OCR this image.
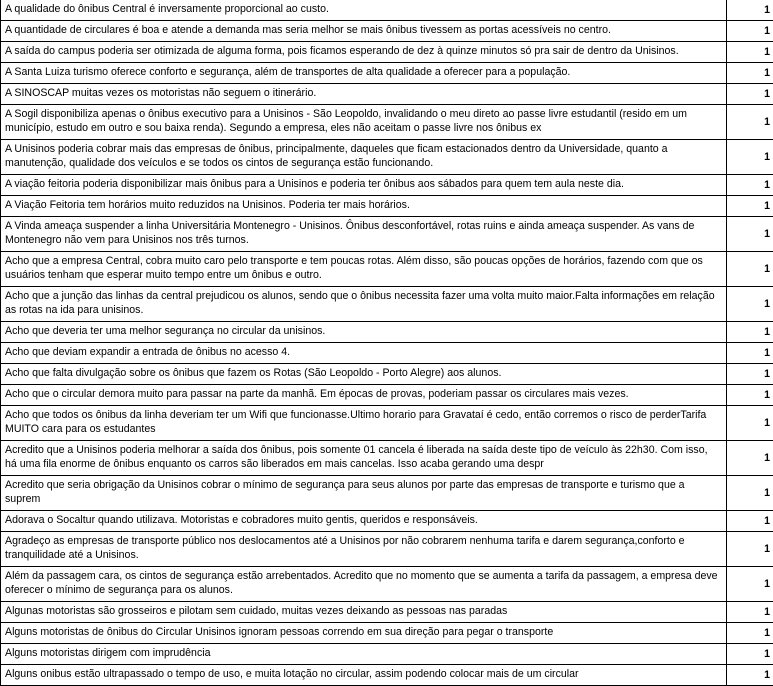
A qualidade do ônibus Central é inversamente proporcional ao custo.	1
A quantidade de circulares é boa e atende a demanda mas seria melhor se mais ônibus tivessem as portas acessíveis no centro.	1
A saída do campus poderia ser otimizada de alguma forma, pois ficamos esperando de dez à quinze minutos só pra sair de dentro da Unisinos.	1
A Santa Luiza turismo oferece conforto e segurança, além de transportes de alta qualidade a oferecer para a população.	1
A SINOSCAP muitas vezes os motoristas não seguem o itinerário.	1
A Sogil disponibiliza apenas o ônibus executivo para a Unisinos - São Leopoldo, invalidando o meu direto ao passe livre estudantil (resido em um município, estudo em outro e sou baixa renda). Segundo a empresa, eles não aceitam o passe livre nos ônibus ex	1
A Unisinos poderia cobrar mais das empresas de ônibus, principalmente, daqueles que ficam estacionados dentro da Universidade, quanto a manutenção, qualidade dos veículos e se todos os cintos de segurança estão funcionando.	1
A viação feitoria poderia disponibilizar mais ônibus para a Unisinos e poderia ter ônibus aos sábados para quem tem aula neste dia.	1
A Viação Feitoria tem horários muito reduzidos na Unisinos. Poderia ter mais horários.	1
A Vinda ameaça suspender a linha Universitária Montenegro - Unisinos. Ônibus desconfortável, rotas ruins e ainda ameaça suspender. As vans de Montenegro não vem para Unisinos nos três turnos.	1
Acho que a empresa Central, cobra muito caro pelo transporte e tem poucas rotas. Além disso, são poucas opções de horários, fazendo com que os usuários tenham que esperar muito tempo entre um ônibus e outro.	1
Acho que a junção das linhas da central prejudicou os alunos, sendo que o ônibus necessita fazer uma volta muito maior.Falta informações em relação as rotas na ida para unisinos.	1
Acho que deveria ter uma melhor segurança no circular da unisinos.	1
Acho que deviam expandir a entrada de ônibus no acesso 4.	1
Acho que falta divulgação sobre os ônibus que fazem os Rotas (São Leopoldo - Porto Alegre) aos alunos.	1
Acho que o circular demora muito para passar na parte da manhã. Em épocas de provas, poderiam passar os circulares mais vezes.	1
Acho que todos os ônibus da linha deveriam ter um Wifi que funcionasse.Ultimo horario para Gravataí é cedo, então corremos o risco de perderTarifa MUITO cara para os estudantes	1
Acredito que a Unisinos poderia melhorar a saída dos ônibus, pois somente 01 cancela é liberada na saída deste tipo de veículo às 22h30. Com isso, há uma fila enorme de ônibus enquanto os carros são liberados em mais cancelas. Isso acaba gerando uma despr	1
Acredito que seria obrigação da Unisinos cobrar o mínimo de segurança para seus alunos por parte das empresas de transporte e turismo que a suprem	1
Adorava o Socaltur quando utilizava. Motoristas e cobradores muito gentis, queridos e responsáveis.	1
Agradeço as empresas de transporte público nos deslocamentos até a Unisinos por não cobrarem nenhuma tarifa e darem segurança,conforto e tranquilidade até a Unisinos.	1
Além da passagem cara, os cintos de segurança estão arrebentados. Acredito que no momento que se aumenta a tarifa da passagem, a empresa deve oferecer o mínimo de segurança para os alunos.	1
Algunas motoristas são grosseiros e pilotam sem cuidado, muitas vezes deixando as pessoas nas paradas	1
Alguns motoristas de ônibus do Circular Unisinos ignoram pessoas correndo em sua direção para pegar o transporte	1
Alguns motoristas dirigem com imprudência	1
Alguns onibus estão ultrapassado o tempo de uso, e muita lotação no circular, assim podendo colocar mais de um circular	1
